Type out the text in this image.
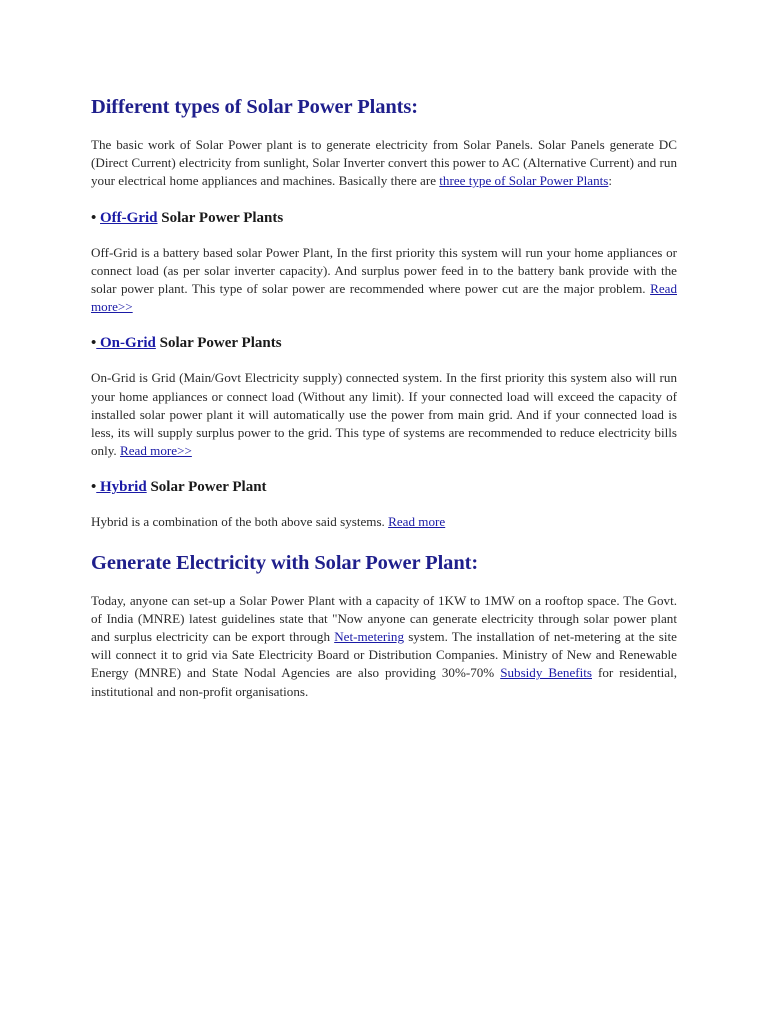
Different types of Solar Power Plants:

The basic work of Solar Power plant is to generate electricity from Solar Panels. Solar Panels generate DC (Direct Current) electricity from sunlight, Solar Inverter convert this power to AC (Alternative Current) and run your electrical home appliances and machines. Basically there are three type of Solar Power Plants:

• Off-Grid Solar Power Plants

Off-Grid is a battery based solar Power Plant, In the first priority this system will run your home appliances or connect load (as per solar inverter capacity). And surplus power feed in to the battery bank provide with the solar power plant. This type of solar power are recommended where power cut are the major problem. Read more>>

• On-Grid Solar Power Plants

On-Grid is Grid (Main/Govt Electricity supply) connected system. In the first priority this system also will run your home appliances or connect load (Without any limit). If your connected load will exceed the capacity of installed solar power plant it will automatically use the power from main grid. And if your connected load is less, its will supply surplus power to the grid. This type of systems are recommended to reduce electricity bills only. Read more>>

• Hybrid Solar Power Plant

Hybrid is a combination of the both above said systems. Read more

Generate Electricity with Solar Power Plant:

Today, anyone can set-up a Solar Power Plant with a capacity of 1KW to 1MW on a rooftop space. The Govt. of India (MNRE) latest guidelines state that "Now anyone can generate electricity through solar power plant and surplus electricity can be export through Net-metering system. The installation of net-metering at the site will connect it to grid via Sate Electricity Board or Distribution Companies. Ministry of New and Renewable Energy (MNRE) and State Nodal Agencies are also providing 30%-70% Subsidy Benefits for residential, institutional and non-profit organisations.
